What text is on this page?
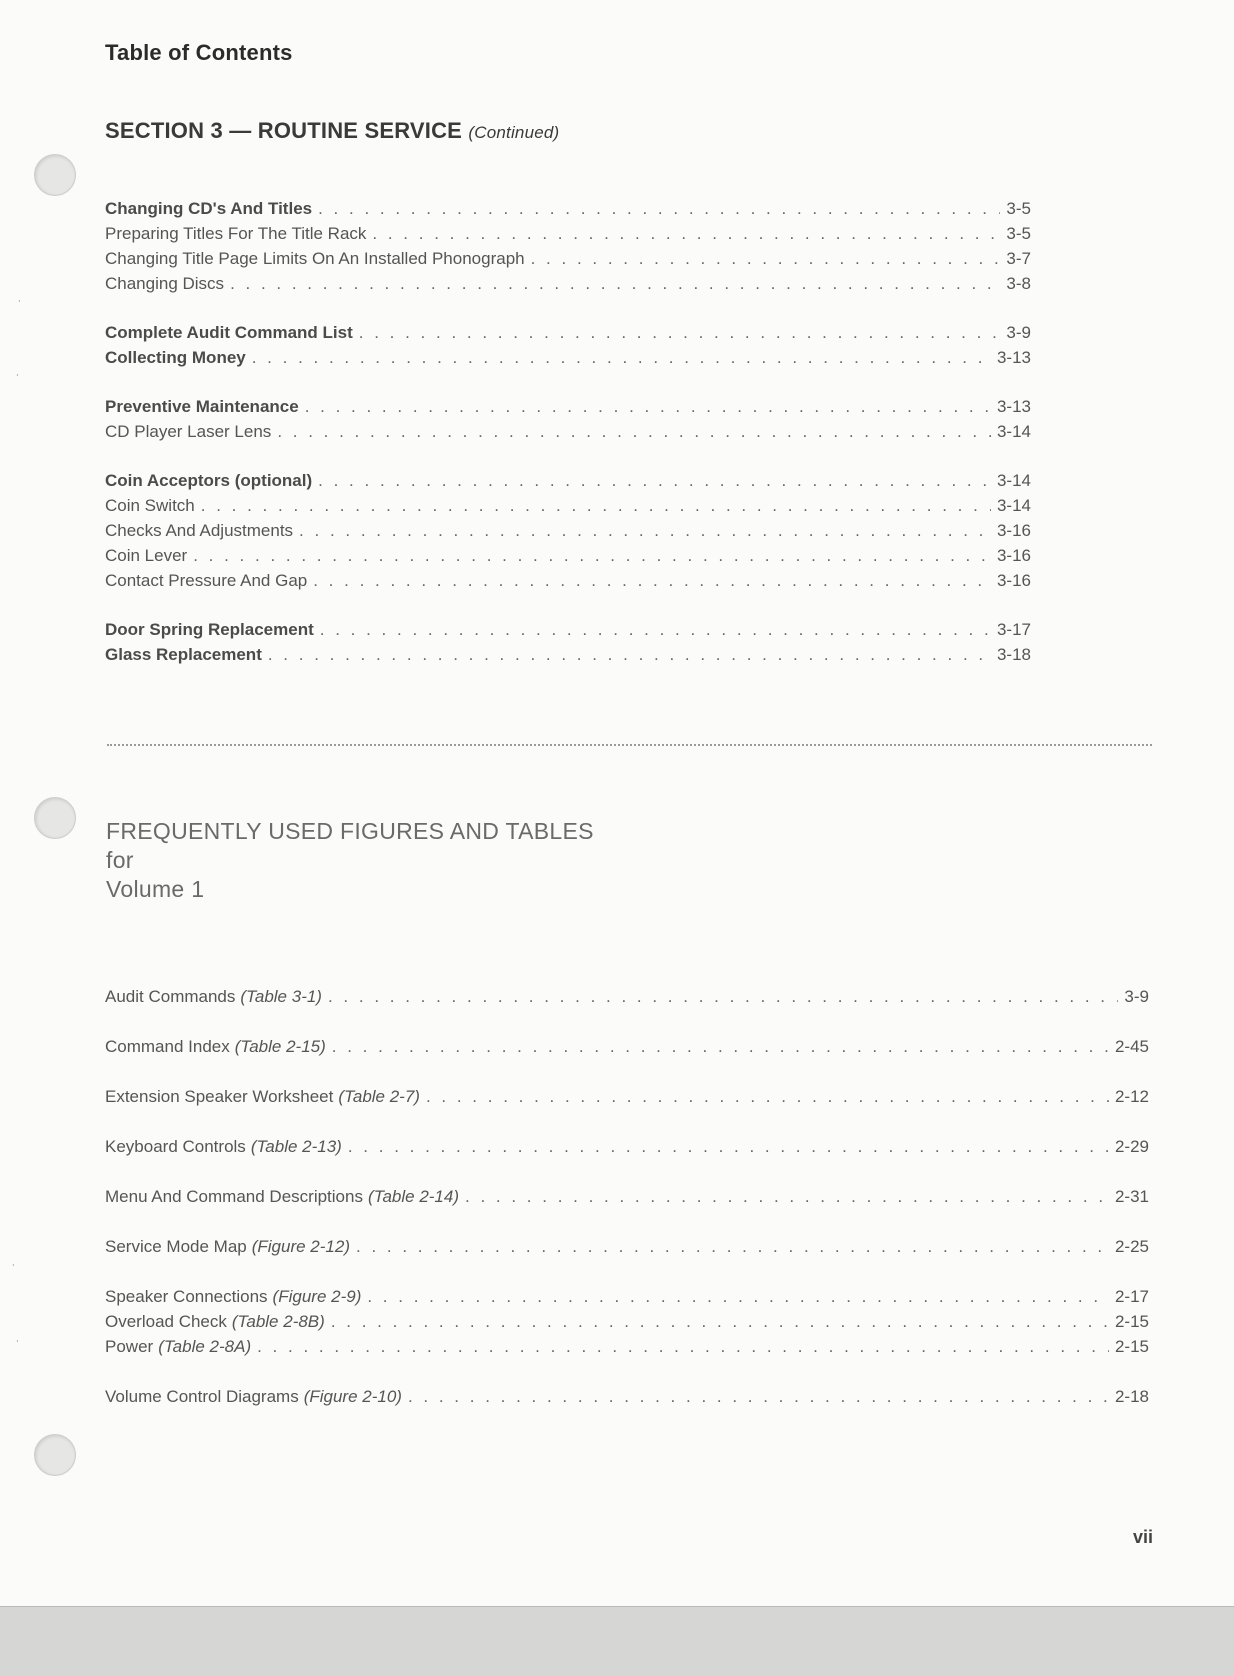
˙
˙
˙
˙
Table of Contents
SECTION 3 — ROUTINE SERVICE (Continued)
Changing CD's And Titles . . .	3-5
Preparing Titles For The Title Rack . . .	3-5
Changing Title Page Limits On An Installed Phonograph . . .	3-7
Changing Discs . . .	3-8
Complete Audit Command List . . .	3-9
Collecting Money . . .	3-13
Preventive Maintenance . . .	3-13
CD Player Laser Lens . . .	3-14
Coin Acceptors (optional) . . .	3-14
Coin Switch . . .	3-14
Checks And Adjustments . . .	3-16
Coin Lever . . .	3-16
Contact Pressure And Gap . . .	3-16
Door Spring Replacement . . .	3-17
Glass Replacement . . .	3-18
FREQUENTLY USED FIGURES AND TABLES
for
Volume 1
Audit Commands (Table 3-1) . . .	3-9
Command Index (Table 2-15) . . .	2-45
Extension Speaker Worksheet (Table 2-7) . . .	2-12
Keyboard Controls (Table 2-13) . . .	2-29
Menu And Command Descriptions (Table 2-14) . . .	2-31
Service Mode Map (Figure 2-12) . . .	2-25
Speaker Connections (Figure 2-9) . . .	2-17
Overload Check (Table 2-8B) . . .	2-15
Power (Table 2-8A) . . .	2-15
Volume Control Diagrams (Figure 2-10) . . .	2-18
vii
